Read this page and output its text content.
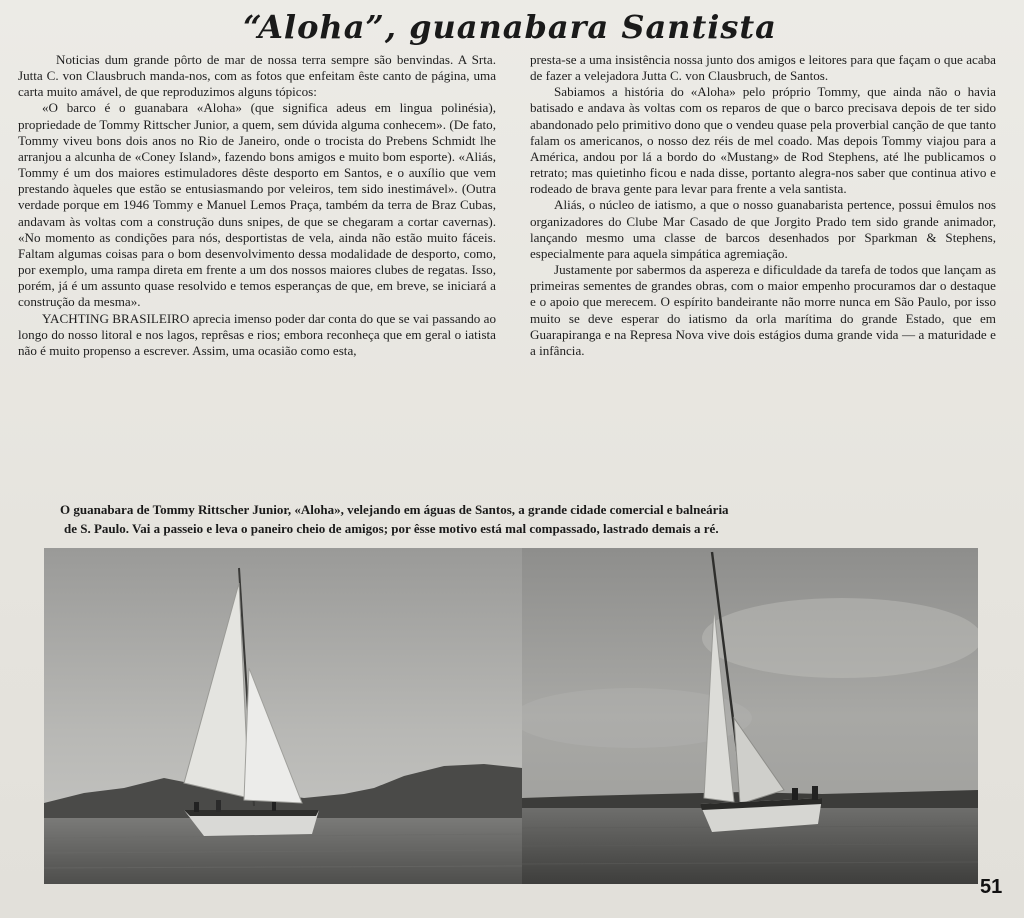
“Aloha”, guanabara Santista

Noticias dum grande pôrto de mar de nossa terra sempre são benvindas. A Srta. Jutta C. von Clausbruch manda-nos, com as fotos que enfeitam êste canto de página, uma carta muito amável, de que reproduzimos alguns tópicos:

«O barco é o guanabara «Aloha» (que significa adeus em lingua polinésia), propriedade de Tommy Rittscher Junior, a quem, sem dúvida alguma conhecem». (De fato, Tommy viveu bons dois anos no Rio de Janeiro, onde o trocista do Prebens Schmidt lhe arranjou a alcunha de «Coney Island», fazendo bons amigos e muito bom esporte). «Aliás, Tommy é um dos maiores estimuladores dêste desporto em Santos, e o auxílio que vem prestando àqueles que estão se entusiasmando por veleiros, tem sido inestimável». (Outra verdade porque em 1946 Tommy e Manuel Lemos Praça, também da terra de Braz Cubas, andavam às voltas com a construção duns snipes, de que se chegaram a cortar cavernas). «No momento as condições para nós, desportistas de vela, ainda não estão muito fáceis. Faltam algumas coisas para o bom desenvolvimento dessa modalidade de desporto, como, por exemplo, uma rampa direta em frente a um dos nossos maiores clubes de regatas. Isso, porém, já é um assunto quase resolvido e temos esperanças de que, em breve, se iniciará a construção da mesma».

YACHTING BRASILEIRO aprecia imenso poder dar conta do que se vai passando ao longo do nosso litoral e nos lagos, reprêsas e rios; embora reconheça que em geral o iatista não é muito propenso a escrever. Assim, uma ocasião como esta,

presta-se a uma insistência nossa junto dos amigos e leitores para que façam o que acaba de fazer a velejadora Jutta C. von Clausbruch, de Santos.

Sabiamos a história do «Aloha» pelo próprio Tommy, que ainda não o havia batisado e andava às voltas com os reparos de que o barco precisava depois de ter sido abandonado pelo primitivo dono que o vendeu quase pela proverbial canção de que tanto falam os americanos, o nosso dez réis de mel coado. Mas depois Tommy viajou para a América, andou por lá a bordo do «Mustang» de Rod Stephens, até lhe publicamos o retrato; mas quietinho ficou e nada disse, portanto alegra-nos saber que continua ativo e rodeado de brava gente para levar para frente a vela santista.

Aliás, o núcleo de iatismo, a que o nosso guanabarista pertence, possui êmulos nos organizadores do Clube Mar Casado de que Jorgito Prado tem sido grande animador, lançando mesmo uma classe de barcos desenhados por Sparkman & Stephens, especialmente para aquela simpática agremiação.

Justamente por sabermos da aspereza e dificuldade da tarefa de todos que lançam as primeiras sementes de grandes obras, com o maior empenho procuramos dar o destaque e o apoio que merecem. O espírito bandeirante não morre nunca em São Paulo, por isso muito se deve esperar do iatismo da orla marítima do grande Estado, que em Guarapiranga e na Represa Nova vive dois estágios duma grande vida — a maturidade e a infância.

O guanabara de Tommy Rittscher Junior, «Aloha», velejando em águas de Santos, a grande cidade comercial e balneária
de S. Paulo. Vai a passeio e leva o paneiro cheio de amigos; por êsse motivo está mal compassado, lastrado demais a ré.
51
